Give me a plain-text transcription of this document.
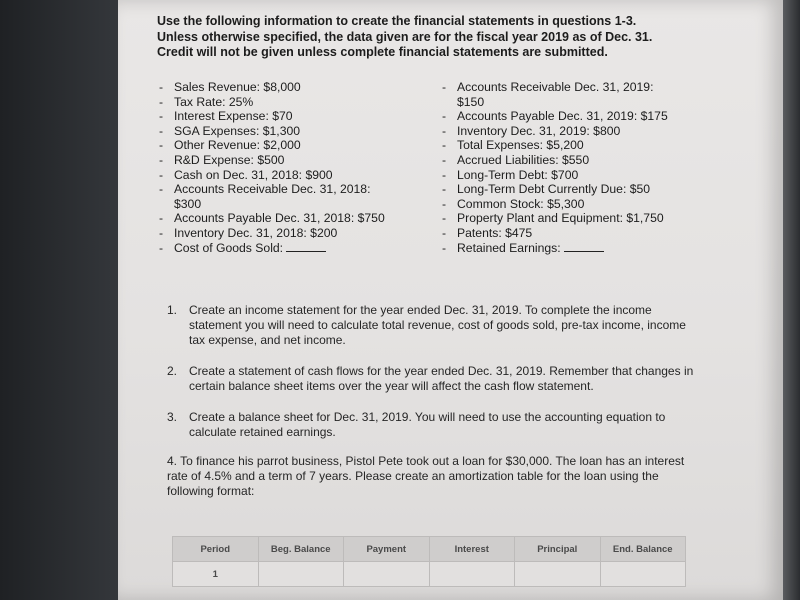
Use the following information to create the financial statements in questions 1-3.

Unless otherwise specified, the data given are for the fiscal year 2019 as of Dec. 31.

Credit will not be given unless complete financial statements are submitted.

- Sales Revenue: $8,000
- Tax Rate: 25%
- Interest Expense: $70
- SGA Expenses: $1,300
- Other Revenue: $2,000
- R&D Expense: $500
- Cash on Dec. 31, 2018: $900
- Accounts Receivable Dec. 31, 2018:
$300
- Accounts Payable Dec. 31, 2018: $750
- Inventory Dec. 31, 2018: $200
- Cost of Goods Sold:
- Accounts Receivable Dec. 31, 2019:
$150
- Accounts Payable Dec. 31, 2019: $175
- Inventory Dec. 31, 2019: $800
- Total Expenses: $5,200
- Accrued Liabilities: $550
- Long-Term Debt: $700
- Long-Term Debt Currently Due: $50
- Common Stock: $5,300
- Property Plant and Equipment: $1,750
- Patents: $475
- Retained Earnings:
1. Create an income statement for the year ended Dec. 31, 2019. To complete the income statement you will need to calculate total revenue, cost of goods sold, pre-tax income, income tax expense, and net income.
2. Create a statement of cash flows for the year ended Dec. 31, 2019. Remember that changes in certain balance sheet items over the year will affect the cash flow statement.
3. Create a balance sheet for Dec. 31, 2019. You will need to use the accounting equation to calculate retained earnings.
4. To finance his parrot business, Pistol Pete took out a loan for $30,000. The loan has an interest rate of 4.5% and a term of 7 years. Please create an amortization table for the loan using the following format:
Period	Beg. Balance	Payment	Interest	Principal	End. Balance
1					
